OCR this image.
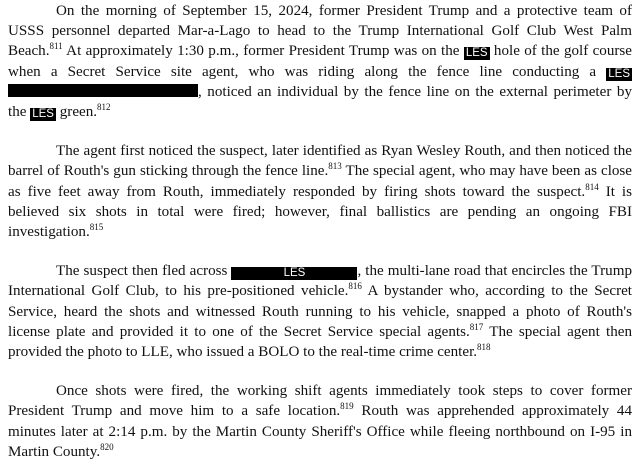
On the morning of September 15, 2024, former President Trump and a protective team of USSS personnel departed Mar-a-Lago to head to the Trump International Golf Club West Palm Beach.$^{811}$ At approximately 1:30 p.m., former President Trump was on the LES hole of the golf course when a Secret Service site agent, who was riding along the fence line conducting a LES , noticed an individual by the fence line on the external perimeter by the LES green.$^{812}$

The agent first noticed the suspect, later identified as Ryan Wesley Routh, and then noticed the barrel of Routh's gun sticking through the fence line.$^{813}$ The special agent, who may have been as close as five feet away from Routh, immediately responded by firing shots toward the suspect.$^{814}$ It is believed six shots in total were fired; however, final ballistics are pending an ongoing FBI investigation.$^{815}$

The suspect then fled across	LES	, the multi-lane road that encircles the Trump International Golf Club, to his pre-positioned vehicle.$^{816}$ A bystander who, according to the Secret Service, heard the shots and witnessed Routh running to his vehicle, snapped a photo of Routh's license plate and provided it to one of the Secret Service special agents.$^{817}$ The special agent then provided the photo to LLE, who issued a BOLO to the real-time crime center.$^{818}$

Once shots were fired, the working shift agents immediately took steps to cover former President Trump and move him to a safe location.$^{819}$ Routh was apprehended approximately 44 minutes later at 2:14 p.m. by the Martin County Sheriff's Office while fleeing northbound on I-95 in Martin County.$^{820}$
